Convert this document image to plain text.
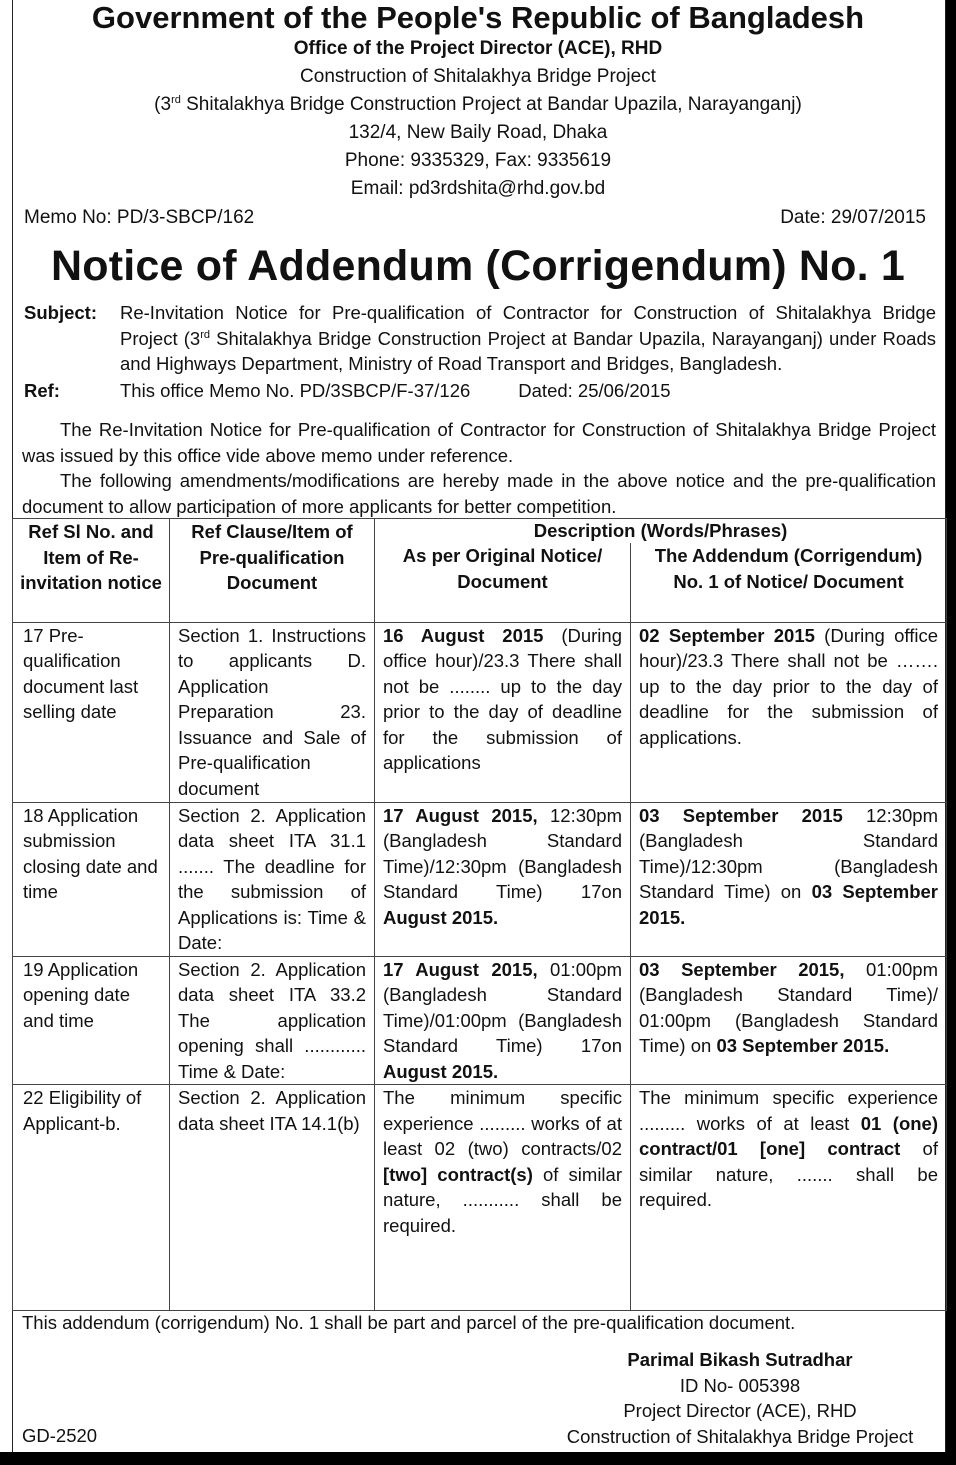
Government of the People's Republic of Bangladesh
Office of the Project Director (ACE), RHD
Construction of Shitalakhya Bridge Project
(3rd Shitalakhya Bridge Construction Project at Bandar Upazila, Narayanganj)
132/4, New Baily Road, Dhaka
Phone: 9335329, Fax: 9335619
Email: pd3rdshita@rhd.gov.bd
Memo No: PD/3-SBCP/162	Date: 29/07/2015
Notice of Addendum (Corrigendum) No. 1
Subject: Re-Invitation Notice for Pre-qualification of Contractor for Construction of Shitalakhya Bridge Project (3rd Shitalakhya Bridge Construction Project at Bandar Upazila, Narayanganj) under Roads and Highways Department, Ministry of Road Transport and Bridges, Bangladesh.
Ref:	This office Memo No. PD/3SBCP/F-37/126	Dated: 25/06/2015
The Re-Invitation Notice for Pre-qualification of Contractor for Construction of Shitalakhya Bridge Project was issued by this office vide above memo under reference.
The following amendments/modifications are hereby made in the above notice and the pre-qualification document to allow participation of more applicants for better competition.
Ref Sl No. and Item of Re-invitation notice	Ref Clause/Item of Pre-qualification Document	Description (Words/Phrases)	
		As per Original Notice/ Document	The Addendum (Corrigendum) No. 1 of Notice/ Document
17 Pre-qualification document last selling date	Section 1. Instructions to applicants D. Application Preparation 23. Issuance and Sale of Pre-qualification document	16 August 2015 (During office hour)/23.3 There shall not be ........ up to the day prior to the day of deadline for the submission of applications	02 September 2015 (During office hour)/23.3 There shall not be ……. up to the day prior to the day of deadline for the submission of applications.
18 Application submission closing date and time	Section 2. Application data sheet ITA 31.1 ....... The deadline for the submission of Applications is: Time & Date:	17 August 2015, 12:30pm (Bangladesh Standard Time)/12:30pm (Bangladesh Standard Time) 17on August 2015.	03 September 2015 12:30pm (Bangladesh Standard Time)/12:30pm (Bangladesh Standard Time) on 03 September 2015.
19 Application opening date and time	Section 2. Application data sheet ITA 33.2 The application opening shall ............ Time & Date:	17 August 2015, 01:00pm (Bangladesh Standard Time)/01:00pm (Bangladesh Standard Time) 17on August 2015.	03 September 2015, 01:00pm (Bangladesh Standard Time)/ 01:00pm (Bangladesh Standard Time) on 03 September 2015.
22 Eligibility of Applicant-b.	Section 2. Application data sheet ITA 14.1(b)	The minimum specific experience ......... works of at least 02 (two) contracts/02 [two] contract(s) of similar nature, ........... shall be required.	The minimum specific experience ......... works of at least 01 (one) contract/01 [one] contract of similar nature, ....... shall be required.
This addendum (corrigendum) No. 1 shall be part and parcel of the pre-qualification document.
Parimal Bikash Sutradhar
ID No- 005398
Project Director (ACE), RHD
Construction of Shitalakhya Bridge Project
GD-2520
